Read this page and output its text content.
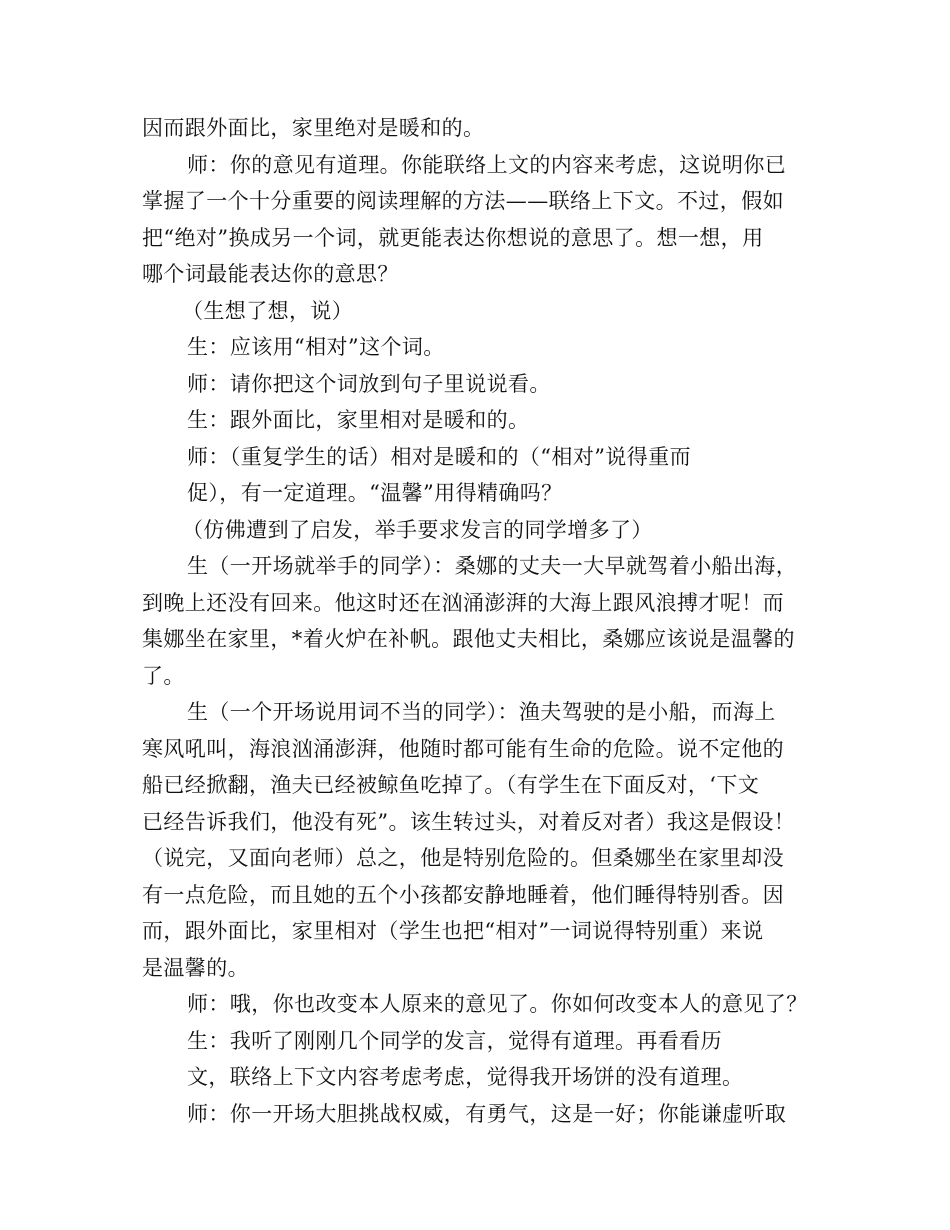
因而跟外面比，家里绝对是暖和的。
师：你的意见有道理。你能联络上文的内容来考虑，这说明你已
掌握了一个十分重要的阅读理解的方法——联络上下文。不过，假如
把“绝对”换成另一个词，就更能表达你想说的意思了。想一想，用
哪个词最能表达你的意思？
（生想了想，说）
生：应该用“相对”这个词。
师：请你把这个词放到句子里说说看。
生：跟外面比，家里相对是暖和的。
师：（重复学生的话）相对是暖和的（“相对”说得重而
促），有一定道理。“温馨”用得精确吗？
（仿佛遭到了启发，举手要求发言的同学增多了）
生（一开场就举手的同学）：桑娜的丈夫一大早就驾着小船出海，
到晚上还没有回来。他这时还在汹涌澎湃的大海上跟风浪搏才呢！而
集娜坐在家里，*着火炉在补帆。跟他丈夫相比，桑娜应该说是温馨的
了。
生（一个开场说用词不当的同学）：渔夫驾驶的是小船，而海上
寒风吼叫，海浪汹涌澎湃，他随时都可能有生命的危险。说不定他的
船已经掀翻，渔夫已经被鲸鱼吃掉了。（有学生在下面反对，‘下文
已经告诉我们，他没有死”。该生转过头，对着反对者）我这是假设！
（说完，又面向老师）总之，他是特别危险的。但桑娜坐在家里却没
有一点危险，而且她的五个小孩都安静地睡着，他们睡得特别香。因
而，跟外面比，家里相对（学生也把“相对”一词说得特别重）来说
是温馨的。
师：哦，你也改变本人原来的意见了。你如何改变本人的意见了？
生：我听了刚刚几个同学的发言，觉得有道理。再看看历
文，联络上下文内容考虑考虑，觉得我开场饼的没有道理。
师：你一开场大胆挑战权威，有勇气，这是一好；你能谦虚听取
